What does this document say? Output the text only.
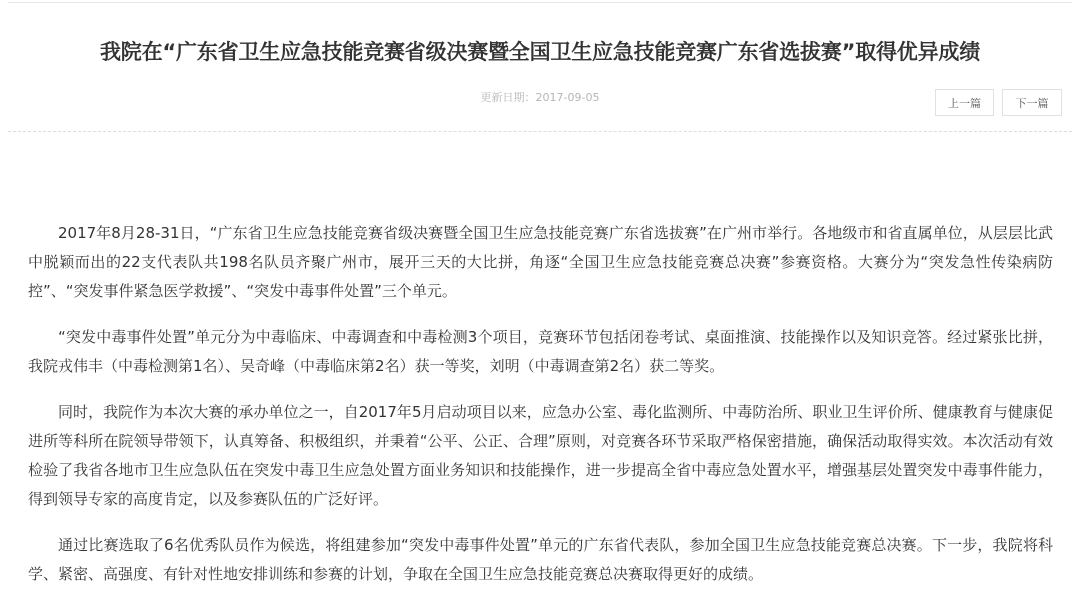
我院在“广东省卫生应急技能竞赛省级决赛暨全国卫生应急技能竞赛广东省选拔赛”取得优异成绩
更新日期：2017-09-05	上一篇	下一篇

2017年8月28-31日，“广东省卫生应急技能竞赛省级决赛暨全国卫生应急技能竞赛广东省选拔赛”在广州市举行。各地级市和省直属单位，从层层比武中脱颖而出的22支代表队共198名队员齐聚广州市，展开三天的大比拼，角逐“全国卫生应急技能竞赛总决赛”参赛资格。大赛分为“突发急性传染病防控”、“突发事件紧急医学救援”、“突发中毒事件处置”三个单元。

“突发中毒事件处置”单元分为中毒临床、中毒调查和中毒检测3个项目，竞赛环节包括闭卷考试、桌面推演、技能操作以及知识竞答。经过紧张比拼，我院戎伟丰（中毒检测第1名）、吴奇峰（中毒临床第2名）获一等奖，刘明（中毒调查第2名）获二等奖。

同时，我院作为本次大赛的承办单位之一，自2017年5月启动项目以来，应急办公室、毒化监测所、中毒防治所、职业卫生评价所、健康教育与健康促进所等科所在院领导带领下，认真筹备、积极组织，并秉着“公平、公正、合理”原则，对竞赛各环节采取严格保密措施，确保活动取得实效。本次活动有效检验了我省各地市卫生应急队伍在突发中毒卫生应急处置方面业务知识和技能操作，进一步提高全省中毒应急处置水平，增强基层处置突发中毒事件能力，得到领导专家的高度肯定，以及参赛队伍的广泛好评。

通过比赛选取了6名优秀队员作为候选，将组建参加“突发中毒事件处置”单元的广东省代表队，参加全国卫生应急技能竞赛总决赛。下一步，我院将科学、紧密、高强度、有针对性地安排训练和参赛的计划，争取在全国卫生应急技能竞赛总决赛取得更好的成绩。
